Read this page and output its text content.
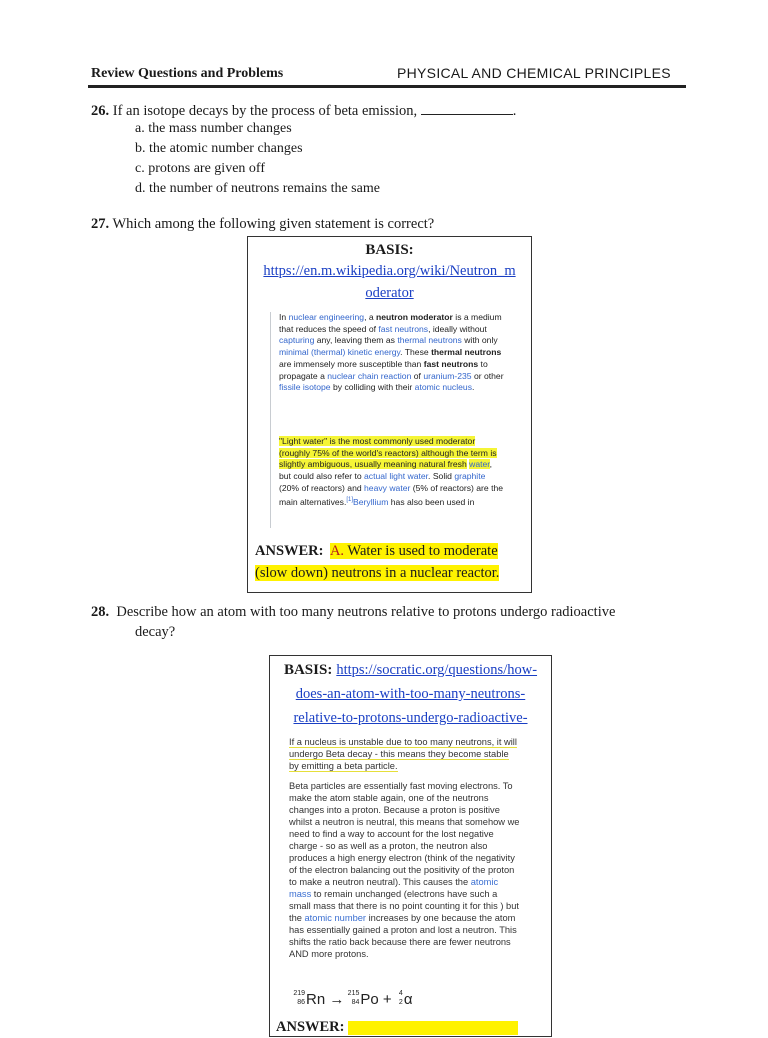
Review Questions and Problems	PHYSICAL AND CHEMICAL PRINCIPLES
26. If an isotope decays by the process of beta emission,	.
a. the mass number changes
b. the atomic number changes
c. protons are given off
d. the number of neutrons remains the same
27. Which among the following given statement is correct?
BASIS:
https://en.m.wikipedia.org/wiki/Neutron_m
oderator
In nuclear engineering, a neutron moderator is a medium that reduces the speed of fast neutrons, ideally without capturing any, leaving them as thermal neutrons with only minimal (thermal) kinetic energy. These thermal neutrons are immensely more susceptible than fast neutrons to propagate a nuclear chain reaction of uranium-235 or other fissile isotope by colliding with their atomic nucleus.
"Light water" is the most commonly used moderator (roughly 75% of the world's reactors) although the term is slightly ambiguous, usually meaning natural fresh water, but could also refer to actual light water. Solid graphite (20% of reactors) and heavy water (5% of reactors) are the main alternatives.[1]Beryllium has also been used in
ANSWER: A. Water is used to moderate
(slow down) neutrons in a nuclear reactor.
28. Describe how an atom with too many neutrons relative to protons undergo radioactive
decay?
BASIS: https://socratic.org/questions/how-
does-an-atom-with-too-many-neutrons-
relative-to-protons-undergo-radioactive-
If a nucleus is unstable due to too many neutrons, it will undergo Beta decay - this means they become stable by emitting a beta particle.
Beta particles are essentially fast moving electrons. To make the atom stable again, one of the neutrons changes into a proton. Because a proton is positive whilst a neutron is neutral, this means that somehow we need to find a way to account for the lost negative charge - so as well as a proton, the neutron also produces a high energy electron (think of the negativity of the electron balancing out the positivity of the proton to make a neutron neutral). This causes the atomic mass to remain unchanged (electrons have such a small mass that there is no point counting it for this ) but the atomic number increases by one because the atom has essentially gained a proton and lost a neutron. This shifts the ratio back because there are fewer neutrons AND more protons.
219
86 Rn → 215
84 Po + 4
2 α
ANSWER:
